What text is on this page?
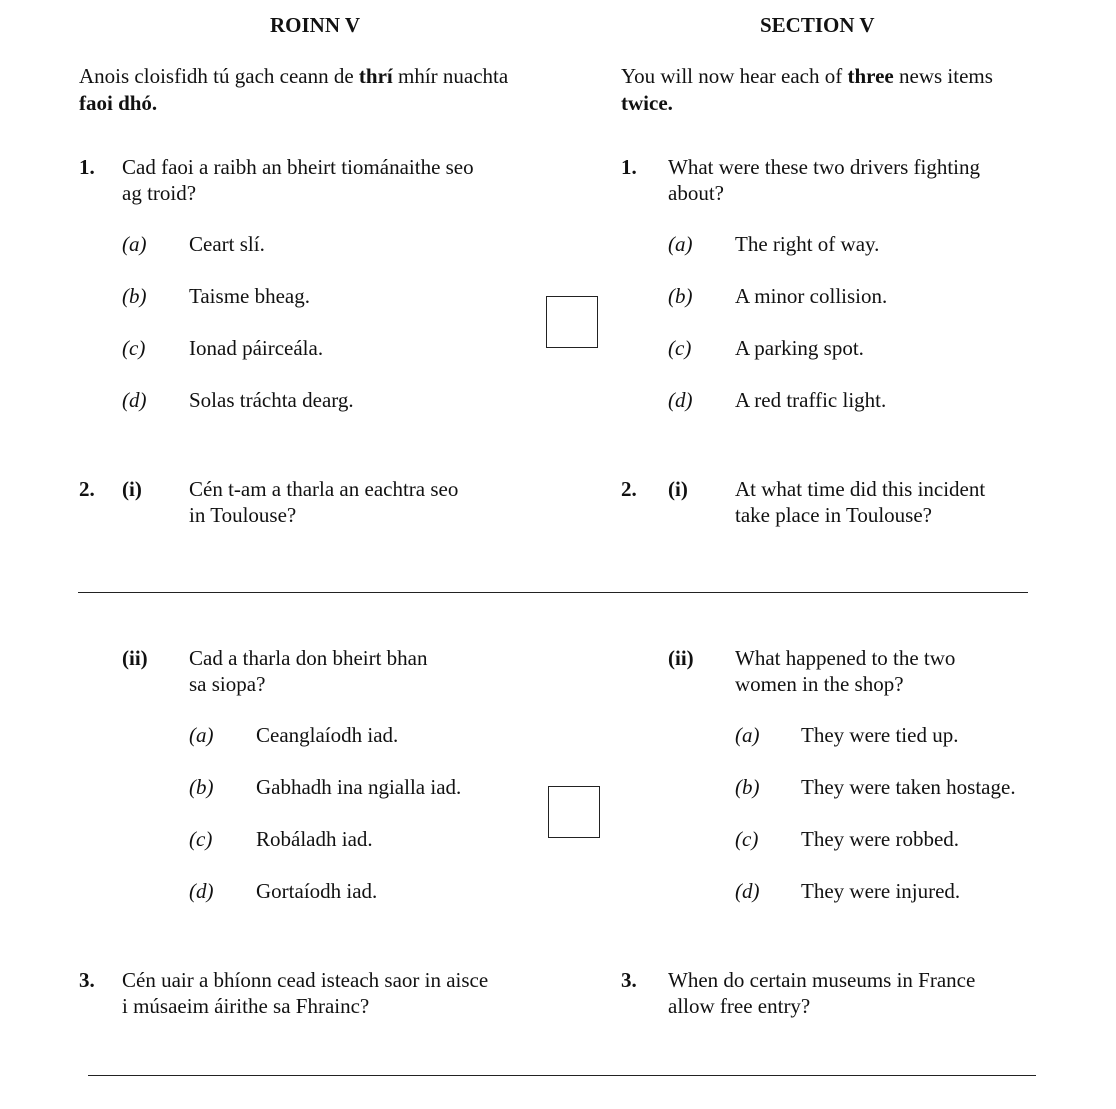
ROINN V	SECTION V
Anois cloisfidh tú gach ceann de thrí mhír nuachta
faoi dhó.
You will now hear each of three news items
twice.
1. Cad faoi a raibh an bheirt tiománaithe seo
ag troid?
(a) Ceart slí.
(b) Taisme bheag.
(c) Ionad páirceála.
(d) Solas tráchta dearg.
1. What were these two drivers fighting
about?
(a) The right of way.
(b) A minor collision.
(c) A parking spot.
(d) A red traffic light.
2. (i) Cén t-am a tharla an eachtra seo
in Toulouse?
2. (i) At what time did this incident
take place in Toulouse?
(ii) Cad a tharla don bheirt bhan
sa siopa?
(a) Ceanglaíodh iad.
(b) Gabhadh ina ngialla iad.
(c) Robáladh iad.
(d) Gortaíodh iad.
(ii) What happened to the two
women in the shop?
(a) They were tied up.
(b) They were taken hostage.
(c) They were robbed.
(d) They were injured.
3. Cén uair a bhíonn cead isteach saor in aisce
i músaeim áirithe sa Fhrainc?
3. When do certain museums in France
allow free entry?
